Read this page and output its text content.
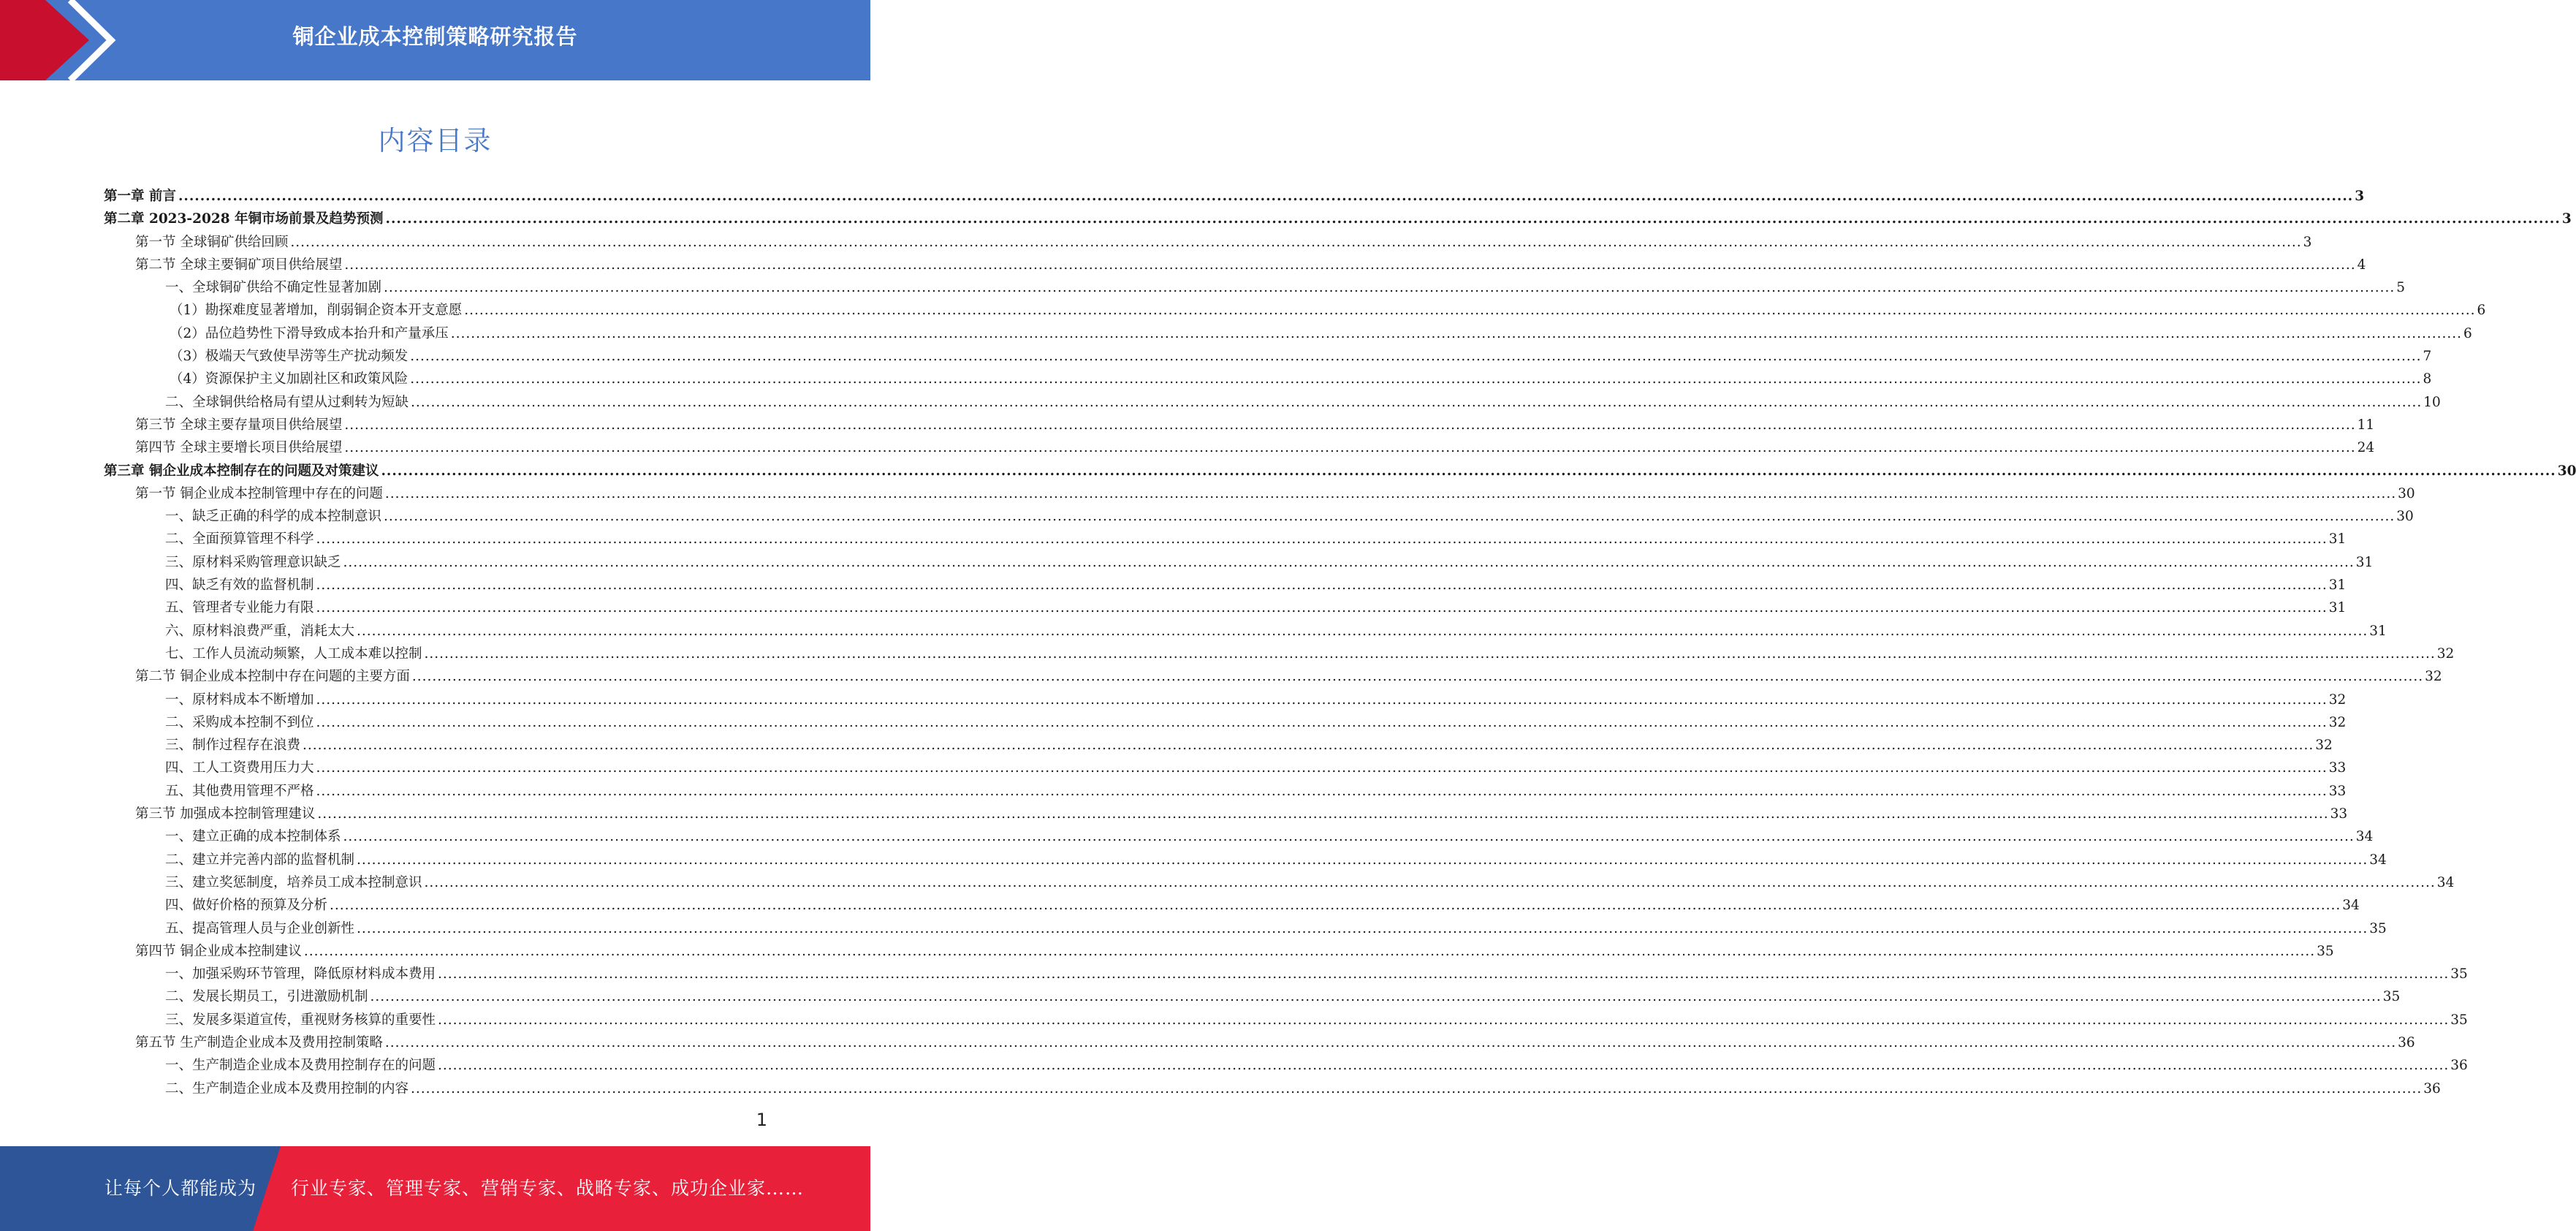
铜企业成本控制策略研究报告
内容目录
第一章 前言 ................................................................................................................................................................................................................................................................................................................................................................................................................ 3
第二章 2023-2028 年铜市场前景及趋势预测 ................................................................................................................................................................................................................................................................................................................................................................................................................ 3
第一节 全球铜矿供给回顾 ................................................................................................................................................................................................................................................................................................................................................................................................................ 3
第二节 全球主要铜矿项目供给展望 ................................................................................................................................................................................................................................................................................................................................................................................................................ 4
一、全球铜矿供给不确定性显著加剧 ................................................................................................................................................................................................................................................................................................................................................................................................................ 5
（1）勘探难度显著增加，削弱铜企资本开支意愿 ................................................................................................................................................................................................................................................................................................................................................................................................................ 6
（2）品位趋势性下滑导致成本抬升和产量承压 ................................................................................................................................................................................................................................................................................................................................................................................................................ 6
（3）极端天气致使旱涝等生产扰动频发 ................................................................................................................................................................................................................................................................................................................................................................................................................ 7
（4）资源保护主义加剧社区和政策风险 ................................................................................................................................................................................................................................................................................................................................................................................................................ 8
二、全球铜供给格局有望从过剩转为短缺 ................................................................................................................................................................................................................................................................................................................................................................................................................ 10
第三节 全球主要存量项目供给展望 ................................................................................................................................................................................................................................................................................................................................................................................................................ 11
第四节 全球主要增长项目供给展望 ................................................................................................................................................................................................................................................................................................................................................................................................................ 24
第三章 铜企业成本控制存在的问题及对策建议 ................................................................................................................................................................................................................................................................................................................................................................................................................ 30
第一节 铜企业成本控制管理中存在的问题 ................................................................................................................................................................................................................................................................................................................................................................................................................ 30
一、缺乏正确的科学的成本控制意识 ................................................................................................................................................................................................................................................................................................................................................................................................................ 30
二、全面预算管理不科学 ................................................................................................................................................................................................................................................................................................................................................................................................................ 31
三、原材料采购管理意识缺乏 ................................................................................................................................................................................................................................................................................................................................................................................................................ 31
四、缺乏有效的监督机制 ................................................................................................................................................................................................................................................................................................................................................................................................................ 31
五、管理者专业能力有限 ................................................................................................................................................................................................................................................................................................................................................................................................................ 31
六、原材料浪费严重，消耗太大 ................................................................................................................................................................................................................................................................................................................................................................................................................ 31
七、工作人员流动频繁，人工成本难以控制 ................................................................................................................................................................................................................................................................................................................................................................................................................ 32
第二节 铜企业成本控制中存在问题的主要方面 ................................................................................................................................................................................................................................................................................................................................................................................................................ 32
一、原材料成本不断增加 ................................................................................................................................................................................................................................................................................................................................................................................................................ 32
二、采购成本控制不到位 ................................................................................................................................................................................................................................................................................................................................................................................................................ 32
三、制作过程存在浪费 ................................................................................................................................................................................................................................................................................................................................................................................................................ 32
四、工人工资费用压力大 ................................................................................................................................................................................................................................................................................................................................................................................................................ 33
五、其他费用管理不严格 ................................................................................................................................................................................................................................................................................................................................................................................................................ 33
第三节 加强成本控制管理建议 ................................................................................................................................................................................................................................................................................................................................................................................................................ 33
一、建立正确的成本控制体系 ................................................................................................................................................................................................................................................................................................................................................................................................................ 34
二、建立并完善内部的监督机制 ................................................................................................................................................................................................................................................................................................................................................................................................................ 34
三、建立奖惩制度，培养员工成本控制意识 ................................................................................................................................................................................................................................................................................................................................................................................................................ 34
四、做好价格的预算及分析 ................................................................................................................................................................................................................................................................................................................................................................................................................ 34
五、提高管理人员与企业创新性 ................................................................................................................................................................................................................................................................................................................................................................................................................ 35
第四节 铜企业成本控制建议 ................................................................................................................................................................................................................................................................................................................................................................................................................ 35
一、加强采购环节管理，降低原材料成本费用 ................................................................................................................................................................................................................................................................................................................................................................................................................ 35
二、发展长期员工，引进激励机制 ................................................................................................................................................................................................................................................................................................................................................................................................................ 35
三、发展多渠道宣传，重视财务核算的重要性 ................................................................................................................................................................................................................................................................................................................................................................................................................ 35
第五节 生产制造企业成本及费用控制策略 ................................................................................................................................................................................................................................................................................................................................................................................................................ 36
一、生产制造企业成本及费用控制存在的问题 ................................................................................................................................................................................................................................................................................................................................................................................................................ 36
二、生产制造企业成本及费用控制的内容 ................................................................................................................................................................................................................................................................................................................................................................................................................ 36
1
让每个人都能成为 行业专家、管理专家、营销专家、战略专家、成功企业家……
